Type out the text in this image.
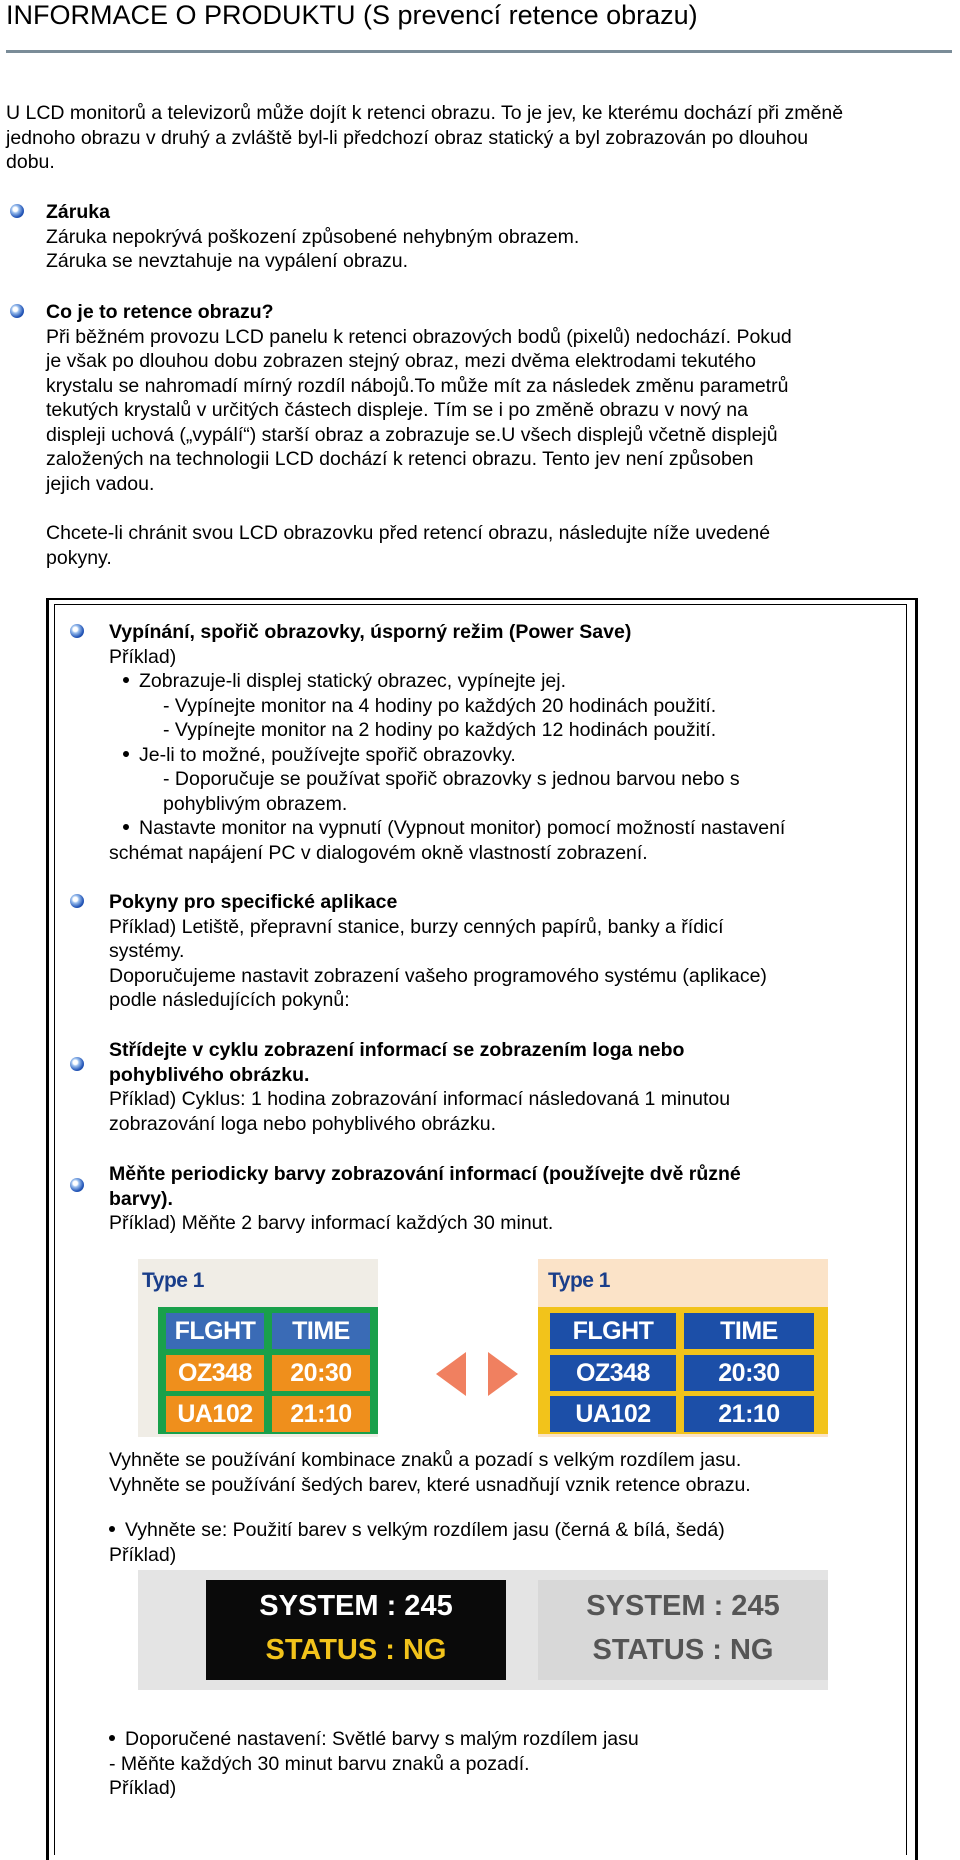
INFORMACE O PRODUKTU (S prevencí retence obrazu)
U LCD monitorů a televizorů může dojít k retenci obrazu. To je jev, ke kterému dochází při změně
jednoho obrazu v druhý a zvláště byl-li předchozí obraz statický a byl zobrazován po dlouhou
dobu.
Záruka
Záruka nepokrývá poškození způsobené nehybným obrazem.
Záruka se nevztahuje na vypálení obrazu.
Co je to retence obrazu?
Při běžném provozu LCD panelu k retenci obrazových bodů (pixelů) nedochází. Pokud
je však po dlouhou dobu zobrazen stejný obraz, mezi dvěma elektrodami tekutého
krystalu se nahromadí mírný rozdíl nábojů.To může mít za následek změnu parametrů
tekutých krystalů v určitých částech displeje. Tím se i po změně obrazu v nový na
displeji uchová („vypálí“) starší obraz a zobrazuje se.U všech displejů včetně displejů
založených na technologii LCD dochází k retenci obrazu. Tento jev není způsoben
jejich vadou.
Chcete-li chránit svou LCD obrazovku před retencí obrazu, následujte níže uvedené
pokyny.
Vypínání, spořič obrazovky, úsporný režim (Power Save)
Příklad)
Zobrazuje-li displej statický obrazec, vypínejte jej.
- Vypínejte monitor na 4 hodiny po každých 20 hodinách použití.
- Vypínejte monitor na 2 hodiny po každých 12 hodinách použití.
Je-li to možné, používejte spořič obrazovky.
- Doporučuje se používat spořič obrazovky s jednou barvou nebo s
pohyblivým obrazem.
Nastavte monitor na vypnutí (Vypnout monitor) pomocí možností nastavení
schémat napájení PC v dialogovém okně vlastností zobrazení.
Pokyny pro specifické aplikace
Příklad) Letiště, přepravní stanice, burzy cenných papírů, banky a řídicí
systémy.
Doporučujeme nastavit zobrazení vašeho programového systému (aplikace)
podle následujících pokynů:
Střídejte v cyklu zobrazení informací se zobrazením loga nebo
pohyblivého obrázku.
Příklad) Cyklus: 1 hodina zobrazování informací následovaná 1 minutou
zobrazování loga nebo pohyblivého obrázku.
Měňte periodicky barvy zobrazování informací (používejte dvě různé
barvy).
Příklad) Měňte 2 barvy informací každých 30 minut.
Type 1	Type 1
FLGHT	TIME
OZ348	20:30
UA102	21:10
FLGHT	TIME
OZ348	20:30
UA102	21:10
Vyhněte se používání kombinace znaků a pozadí s velkým rozdílem jasu.
Vyhněte se používání šedých barev, které usnadňují vznik retence obrazu.
Vyhněte se: Použití barev s velkým rozdílem jasu (černá & bílá, šedá)
Příklad)
SYSTEM : 245
STATUS : NG
SYSTEM : 245
STATUS : NG
Doporučené nastavení: Světlé barvy s malým rozdílem jasu
- Měňte každých 30 minut barvu znaků a pozadí.
Příklad)
